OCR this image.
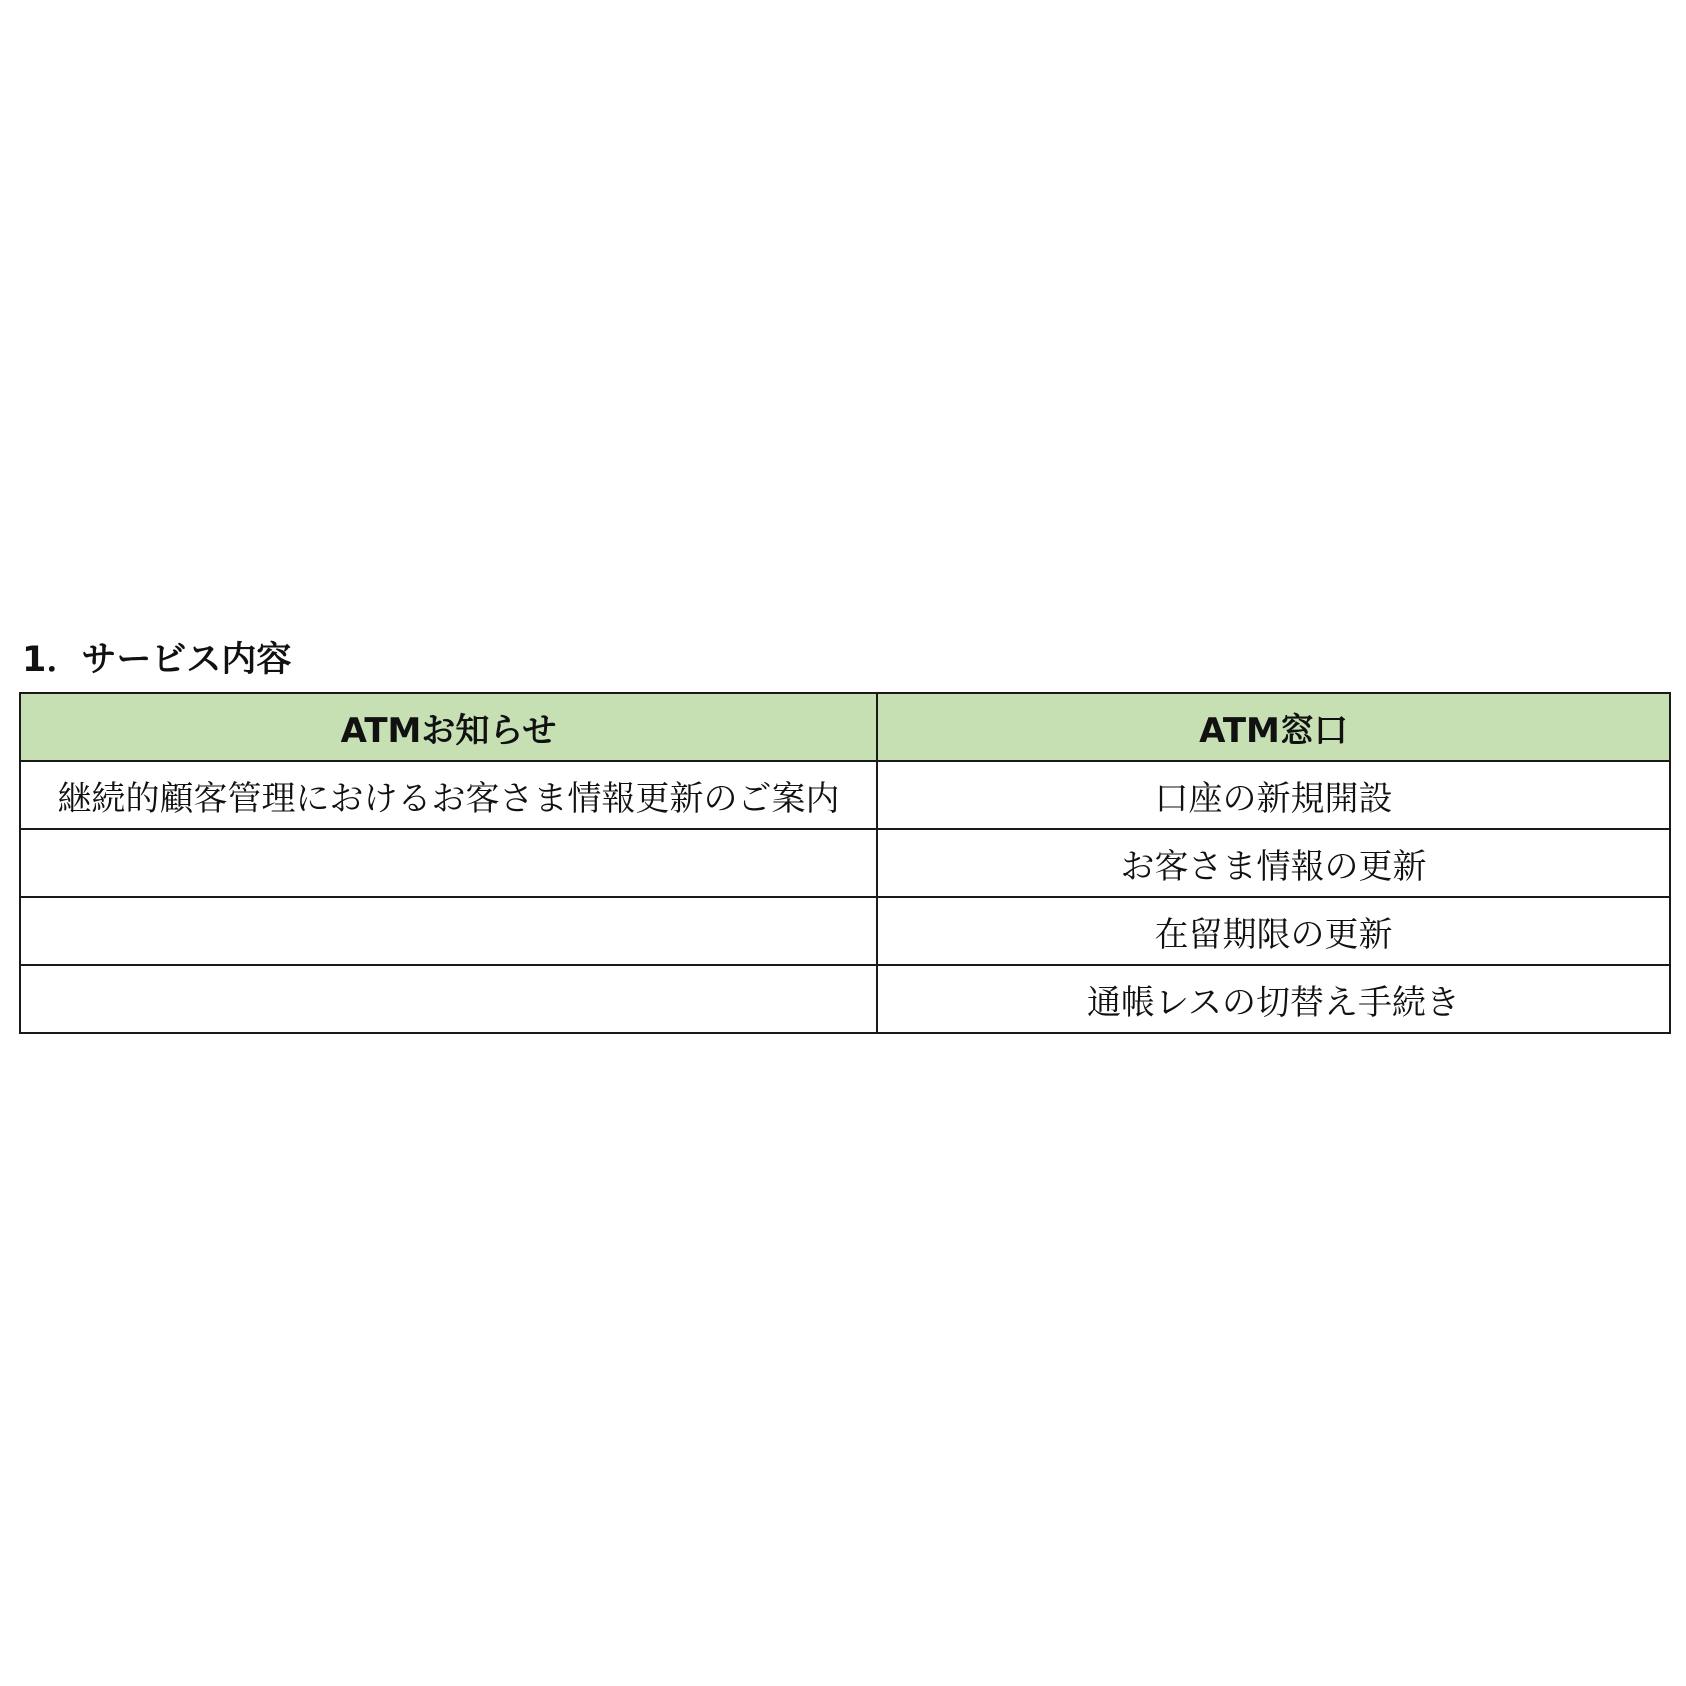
1．サービス内容
ATMお知らせ	ATM窓口
継続的顧客管理におけるお客さま情報更新のご案内	口座の新規開設
	お客さま情報の更新
	在留期限の更新
	通帳レスの切替え手続き
